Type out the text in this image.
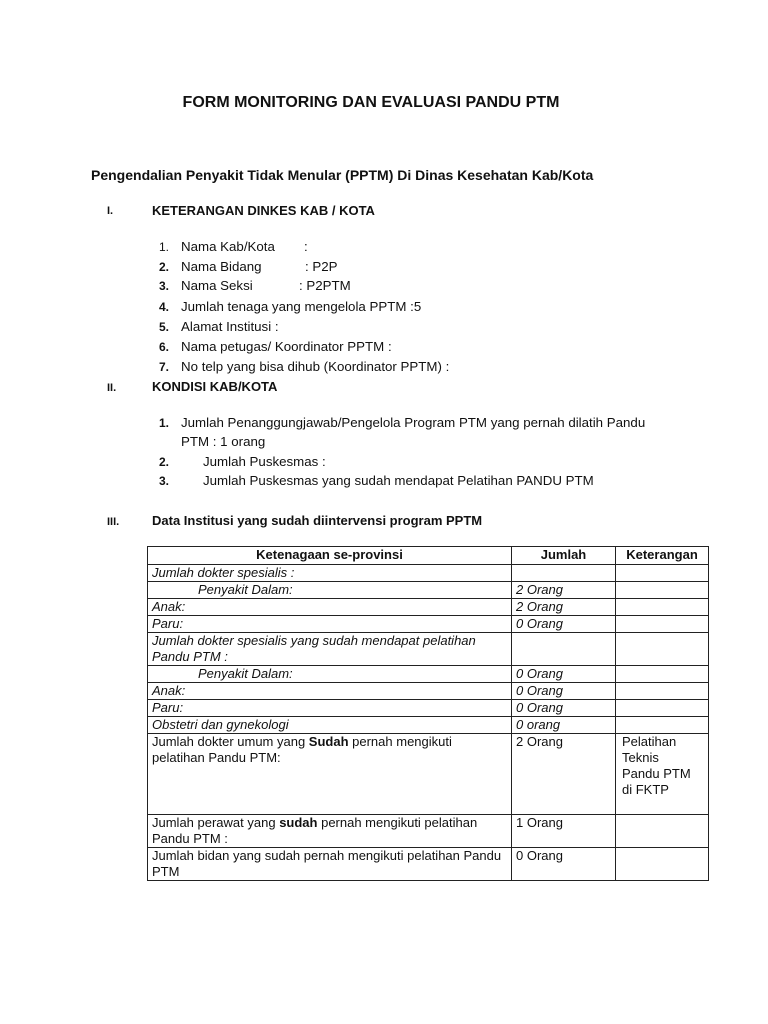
FORM MONITORING DAN EVALUASI PANDU PTM
Pengendalian Penyakit Tidak Menular (PPTM) Di Dinas Kesehatan Kab/Kota
I.	KETERANGAN DINKES KAB / KOTA
1. Nama Kab/Kota :
2. Nama Bidang	: P2P
3. Nama Seksi	: P2PTM
4. Jumlah tenaga yang mengelola PPTM :5
5. Alamat Institusi :
6. Nama petugas/ Koordinator PPTM :
7. No telp yang bisa dihub (Koordinator PPTM) :
II.	KONDISI KAB/KOTA
1. Jumlah Penanggungjawab/Pengelola Program PTM yang pernah dilatih Pandu
PTM : 1 orang
2.	Jumlah Puskesmas :
3.	Jumlah Puskesmas yang sudah mendapat Pelatihan PANDU PTM
III.	Data Institusi yang sudah diintervensi program PPTM
Ketenagaan se-provinsi	Jumlah	Keterangan
Jumlah dokter spesialis :		
Penyakit Dalam:	2 Orang	
Anak:	2 Orang	
Paru:	0 Orang	
Jumlah dokter spesialis yang sudah mendapat pelatihan Pandu PTM :		
Penyakit Dalam:	0 Orang	
Anak:	0 Orang	
Paru:	0 Orang	
Obstetri dan gynekologi	0 orang	
Jumlah dokter umum yang Sudah pernah mengikuti pelatihan Pandu PTM:	2 Orang	Pelatihan
Teknis
Pandu PTM
di FKTP

Jumlah perawat yang sudah pernah mengikuti pelatihan Pandu PTM :	1 Orang	
Jumlah bidan yang sudah pernah mengikuti pelatihan Pandu PTM	0 Orang	
